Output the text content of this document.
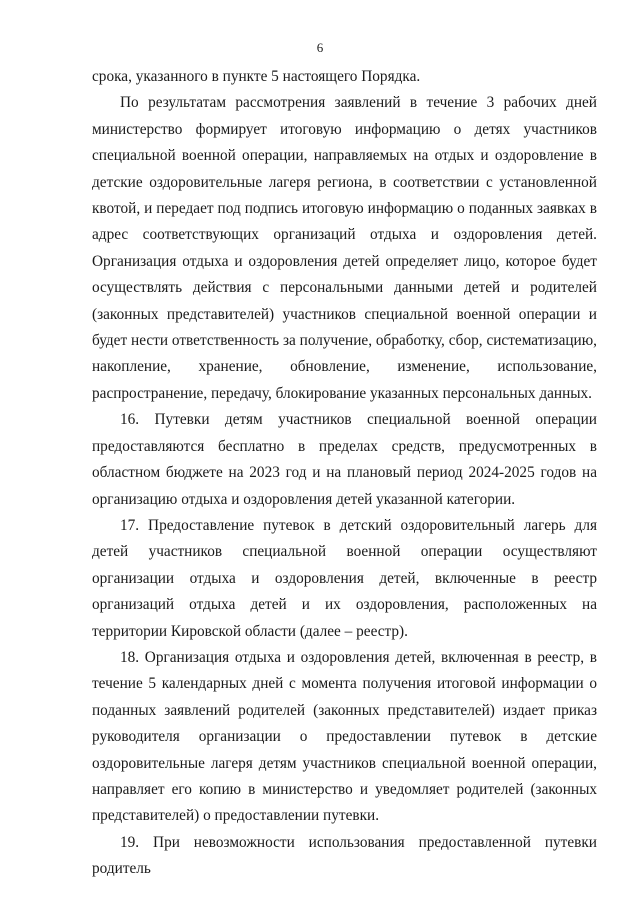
6

срока, указанного в пункте 5 настоящего Порядка.

По результатам рассмотрения заявлений в течение 3 рабочих дней министерство формирует итоговую информацию о детях участников специальной военной операции, направляемых на отдых и оздоровление в детские оздоровительные лагеря региона, в соответствии с установленной квотой, и передает под подпись итоговую информацию о поданных заявках в адрес соответствующих организаций отдыха и оздоровления детей. Организация отдыха и оздоровления детей определяет лицо, которое будет осуществлять действия с персональными данными детей и родителей (законных представителей) участников специальной военной операции и будет нести ответственность за получение, обработку, сбор, систематизацию, накопление, хранение, обновление, изменение, использование, распространение, передачу, блокирование указанных персональных данных.

16. Путевки детям участников специальной военной операции предоставляются бесплатно в пределах средств, предусмотренных в областном бюджете на 2023 год и на плановый период 2024-2025 годов на организацию отдыха и оздоровления детей указанной категории.

17. Предоставление путевок в детский оздоровительный лагерь для детей участников специальной военной операции осуществляют организации отдыха и оздоровления детей, включенные в реестр организаций отдыха детей и их оздоровления, расположенных на территории Кировской области (далее – реестр).

18. Организация отдыха и оздоровления детей, включенная в реестр, в течение 5 календарных дней с момента получения итоговой информации о поданных заявлений родителей (законных представителей) издает приказ руководителя организации о предоставлении путевок в детские оздоровительные лагеря детям участников специальной военной операции, направляет его копию в министерство и уведомляет родителей (законных представителей) о предоставлении путевки.

19. При невозможности использования предоставленной путевки родитель
